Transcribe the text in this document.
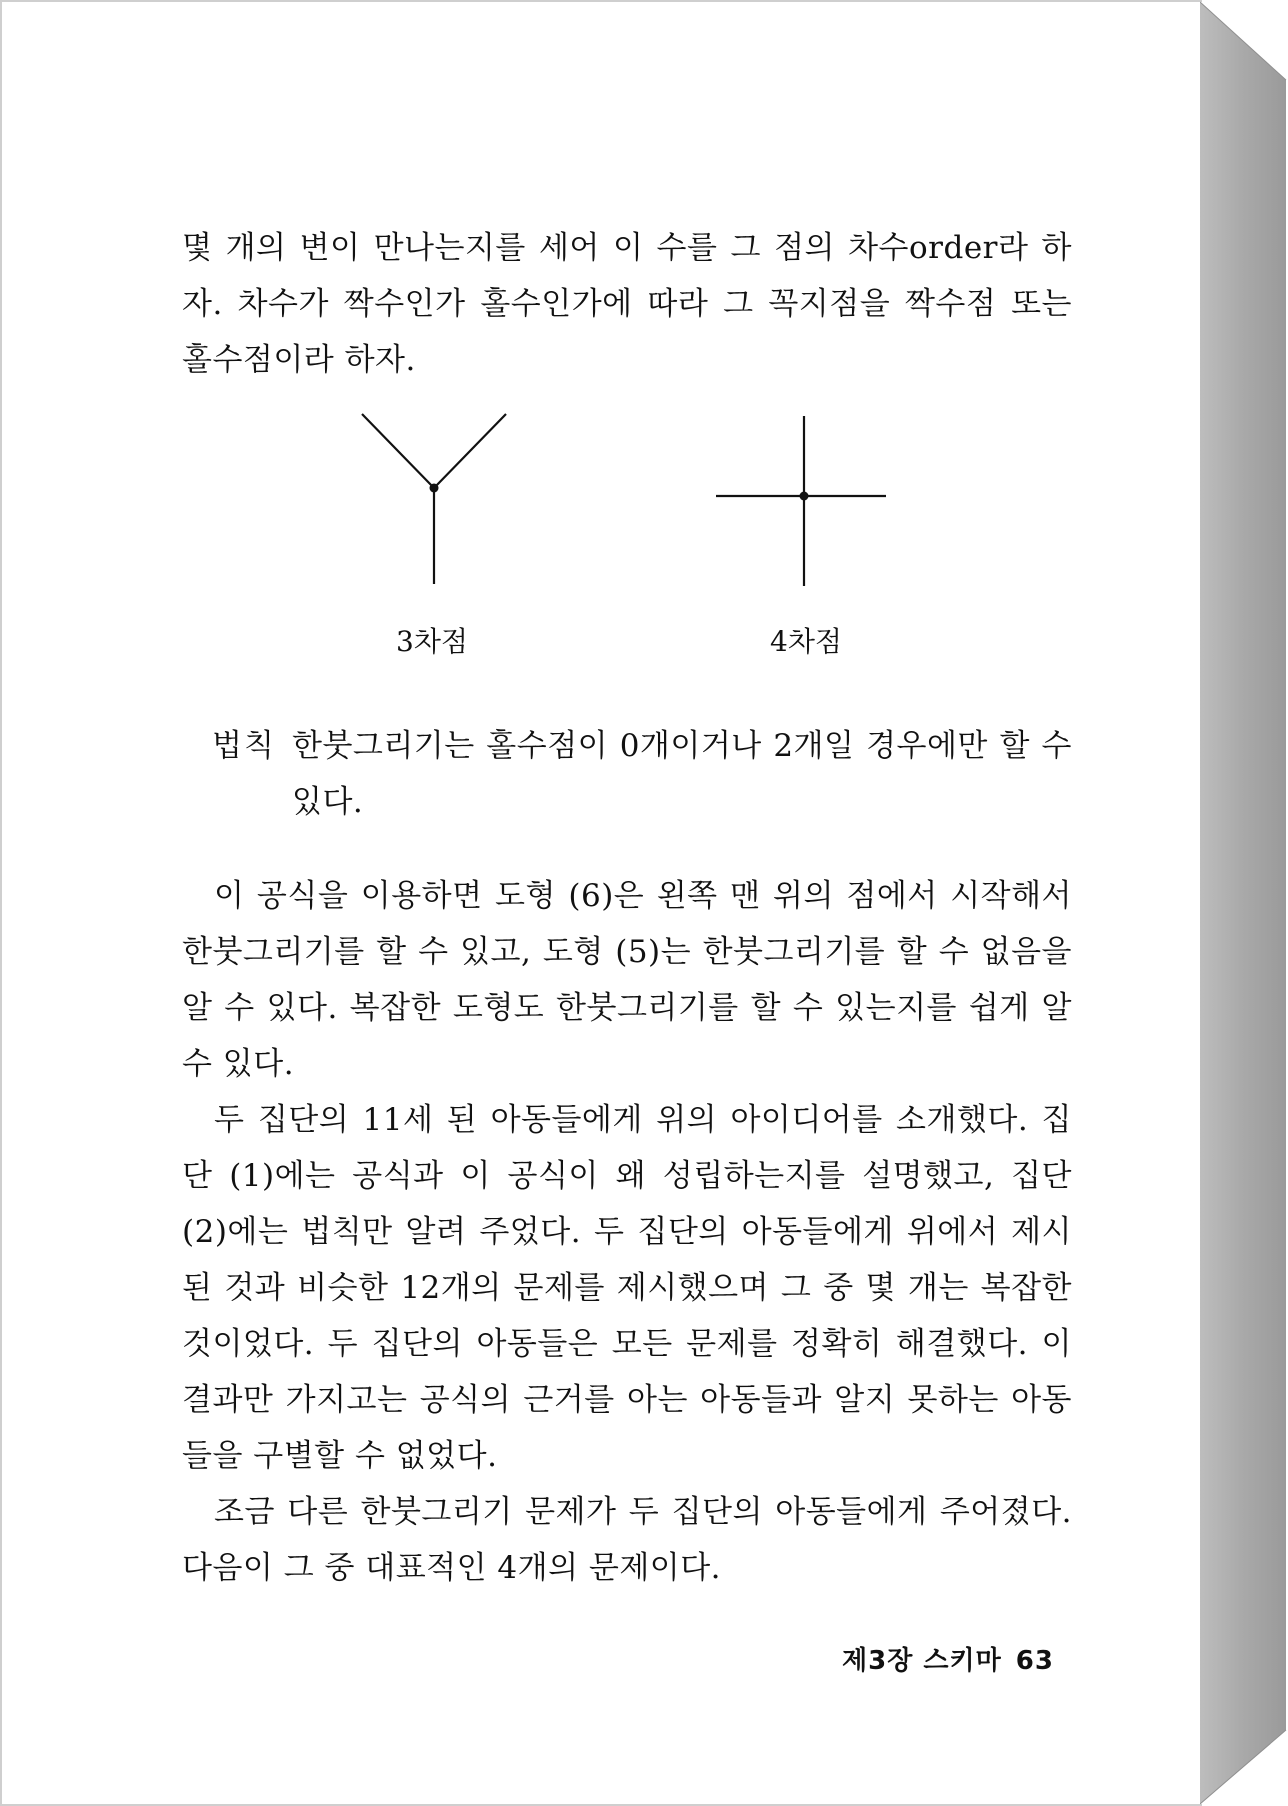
몇 개의 변이 만나는지를 세어 이 수를 그 점의 차수order라 하자. 차수가 짝수인가 홀수인가에 따라 그 꼭지점을 짝수점 또는 홀수점이라 하자.

3차점	4차점
법칙 한붓그리기는 홀수점이 0개이거나 2개일 경우에만 할 수 있다.

이 공식을 이용하면 도형 (6)은 왼쪽 맨 위의 점에서 시작해서 한붓그리기를 할 수 있고, 도형 (5)는 한붓그리기를 할 수 없음을 알 수 있다. 복잡한 도형도 한붓그리기를 할 수 있는지를 쉽게 알 수 있다.

두 집단의 11세 된 아동들에게 위의 아이디어를 소개했다. 집단 (1)에는 공식과 이 공식이 왜 성립하는지를 설명했고, 집단 (2)에는 법칙만 알려 주었다. 두 집단의 아동들에게 위에서 제시된 것과 비슷한 12개의 문제를 제시했으며 그 중 몇 개는 복잡한 것이었다. 두 집단의 아동들은 모든 문제를 정확히 해결했다. 이 결과만 가지고는 공식의 근거를 아는 아동들과 알지 못하는 아동들을 구별할 수 없었다.

조금 다른 한붓그리기 문제가 두 집단의 아동들에게 주어졌다. 다음이 그 중 대표적인 4개의 문제이다.

제3장 스키마 63
